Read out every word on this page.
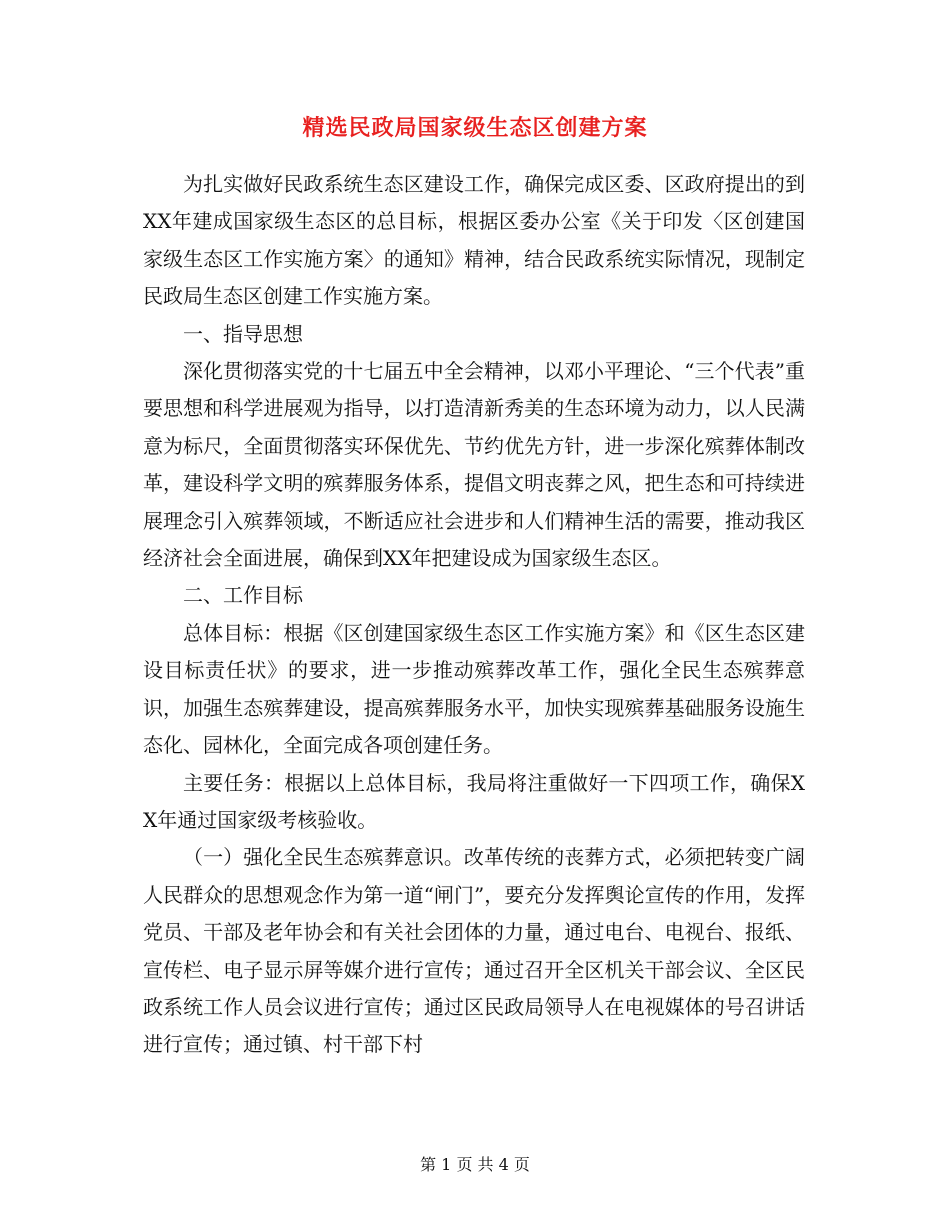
精选民政局国家级生态区创建方案

为扎实做好民政系统生态区建设工作，确保完成区委、区政府提出的到XX年建成国家级生态区的总目标，根据区委办公室《关于印发〈区创建国家级生态区工作实施方案〉的通知》精神，结合民政系统实际情况，现制定民政局生态区创建工作实施方案。

一、指导思想

深化贯彻落实党的十七届五中全会精神，以邓小平理论、“三个代表”重要思想和科学进展观为指导，以打造清新秀美的生态环境为动力，以人民满意为标尺，全面贯彻落实环保优先、节约优先方针，进一步深化殡葬体制改革，建设科学文明的殡葬服务体系，提倡文明丧葬之风，把生态和可持续进展理念引入殡葬领域，不断适应社会进步和人们精神生活的需要，推动我区经济社会全面进展，确保到XX年把建设成为国家级生态区。

二、工作目标

总体目标：根据《区创建国家级生态区工作实施方案》和《区生态区建设目标责任状》的要求，进一步推动殡葬改革工作，强化全民生态殡葬意识，加强生态殡葬建设，提高殡葬服务水平，加快实现殡葬基础服务设施生态化、园林化，全面完成各项创建任务。

主要任务：根据以上总体目标，我局将注重做好一下四项工作，确保XX年通过国家级考核验收。

（一）强化全民生态殡葬意识。改革传统的丧葬方式，必须把转变广阔人民群众的思想观念作为第一道“闸门”，要充分发挥舆论宣传的作用，发挥党员、干部及老年协会和有关社会团体的力量，通过电台、电视台、报纸、宣传栏、电子显示屏等媒介进行宣传；通过召开全区机关干部会议、全区民政系统工作人员会议进行宣传；通过区民政局领导人在电视媒体的号召讲话进行宣传；通过镇、村干部下村

第 1 页 共 4 页
